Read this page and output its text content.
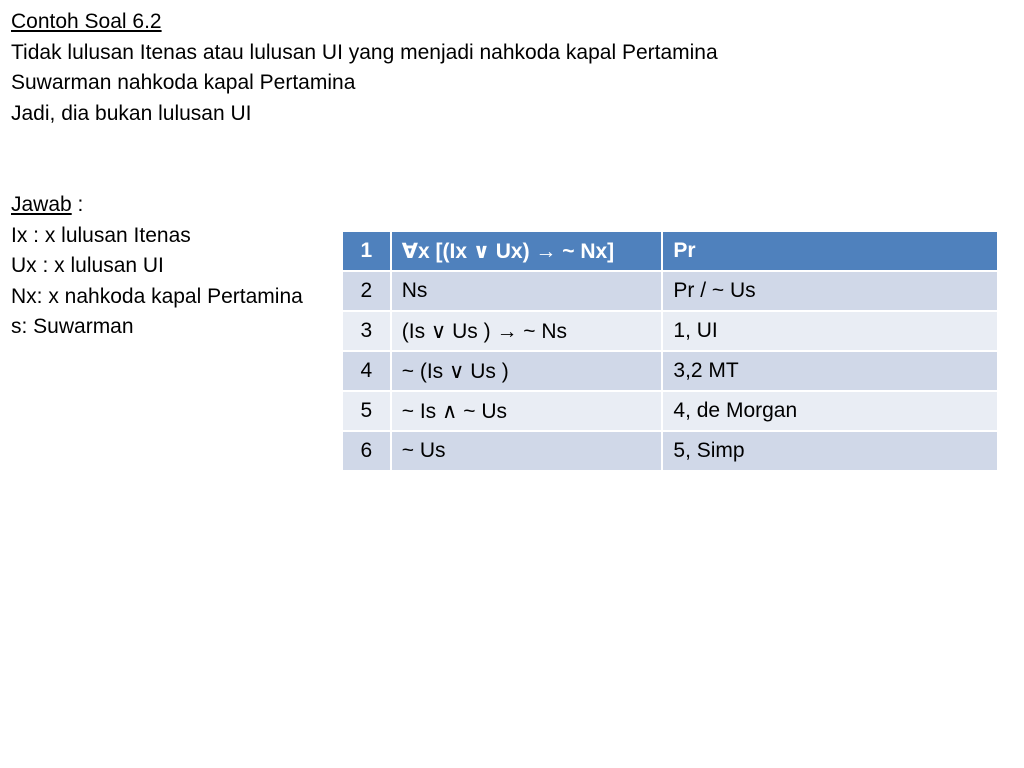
Contoh Soal 6.2
Tidak lulusan Itenas atau lulusan UI yang menjadi nahkoda kapal Pertamina
Suwarman nahkoda kapal Pertamina
Jadi, dia bukan lulusan UI
Jawab :
Ix : x lulusan Itenas
Ux : x lulusan UI
Nx: x nahkoda kapal Pertamina
s: Suwarman
1	∀x [(Ix ∨ Ux) → ~ Nx]	Pr
2	Ns	Pr / ~ Us
3	(Is ∨ Us ) → ~ Ns	1, UI
4	~ (Is ∨ Us )	3,2 MT
5	~ Is ∧ ~ Us	4, de Morgan
6	~ Us	5, Simp
